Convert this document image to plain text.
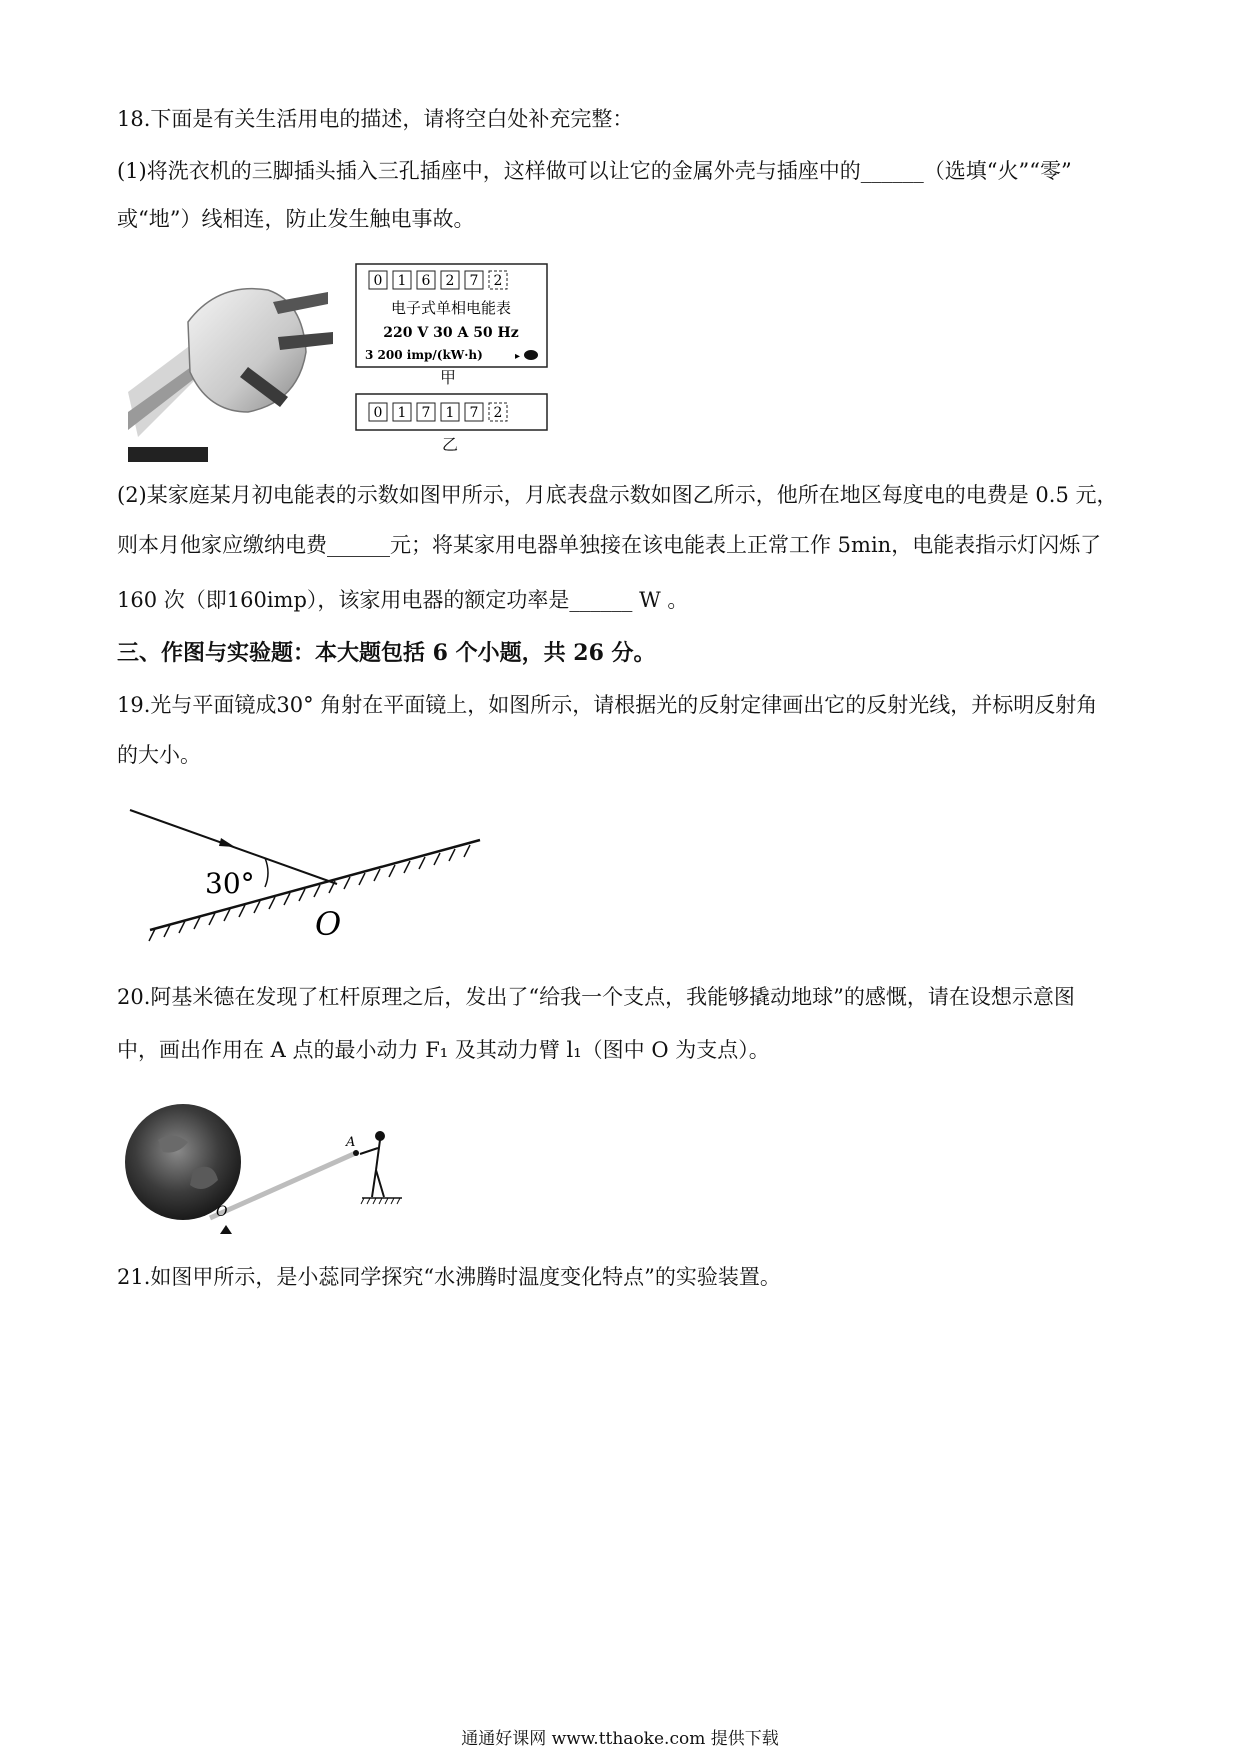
18.下面是有关生活用电的描述，请将空白处补充完整：
(1)将洗衣机的三脚插头插入三孔插座中，这样做可以让它的金属外壳与插座中的______（选填“火”“零”
或“地”）线相连，防止发生触电事故。
0 1 6 2 7 2
电子式单相电能表
220 V 30 A 50 Hz
3 200 imp/(kW·h)	▸
甲
0 1 7 1 7 2
乙
(2)某家庭某月初电能表的示数如图甲所示，月底表盘示数如图乙所示，他所在地区每度电的电费是 0.5 元，
则本月他家应缴纳电费______元；将某家用电器单独接在该电能表上正常工作 5min，电能表指示灯闪烁了
160 次（即160imp），该家用电器的额定功率是______ W 。
三、作图与实验题：本大题包括 6 个小题，共 26 分。
19.光与平面镜成30° 角射在平面镜上，如图所示，请根据光的反射定律画出它的反射光线，并标明反射角
的大小。
30°
O
20.阿基米德在发现了杠杆原理之后，发出了“给我一个支点，我能够撬动地球”的感慨，请在设想示意图
中，画出作用在 A 点的最小动力 F₁ 及其动力臂 l₁（图中 O 为支点）。
O
A
21.如图甲所示，是小蕊同学探究“水沸腾时温度变化特点”的实验装置。
通通好课网 www.tthaoke.com 提供下载
